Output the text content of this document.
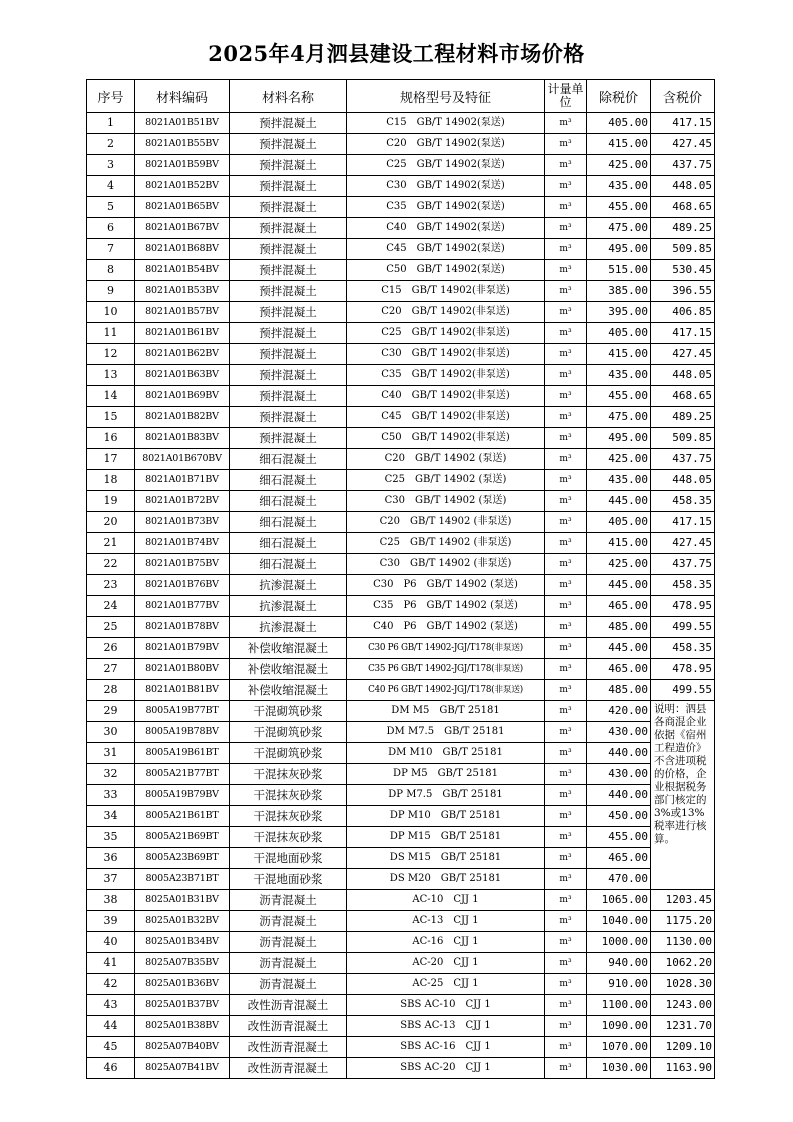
2025年4月泗县建设工程材料市场价格
序号	材料编码	材料名称	规格型号及特征	计量单位	除税价	含税价
1	8021A01B51BV	预拌混凝土	C15　GB/T 14902(泵送)	m³	405.00	417.15
2	8021A01B55BV	预拌混凝土	C20　GB/T 14902(泵送)	m³	415.00	427.45
3	8021A01B59BV	预拌混凝土	C25　GB/T 14902(泵送)	m³	425.00	437.75
4	8021A01B52BV	预拌混凝土	C30　GB/T 14902(泵送)	m³	435.00	448.05
5	8021A01B65BV	预拌混凝土	C35　GB/T 14902(泵送)	m³	455.00	468.65
6	8021A01B67BV	预拌混凝土	C40　GB/T 14902(泵送)	m³	475.00	489.25
7	8021A01B68BV	预拌混凝土	C45　GB/T 14902(泵送)	m³	495.00	509.85
8	8021A01B54BV	预拌混凝土	C50　GB/T 14902(泵送)	m³	515.00	530.45
9	8021A01B53BV	预拌混凝土	C15　GB/T 14902(非泵送)	m³	385.00	396.55
10	8021A01B57BV	预拌混凝土	C20　GB/T 14902(非泵送)	m³	395.00	406.85
11	8021A01B61BV	预拌混凝土	C25　GB/T 14902(非泵送)	m³	405.00	417.15
12	8021A01B62BV	预拌混凝土	C30　GB/T 14902(非泵送)	m³	415.00	427.45
13	8021A01B63BV	预拌混凝土	C35　GB/T 14902(非泵送)	m³	435.00	448.05
14	8021A01B69BV	预拌混凝土	C40　GB/T 14902(非泵送)	m³	455.00	468.65
15	8021A01B82BV	预拌混凝土	C45　GB/T 14902(非泵送)	m³	475.00	489.25
16	8021A01B83BV	预拌混凝土	C50　GB/T 14902(非泵送)	m³	495.00	509.85
17	8021A01B670BV	细石混凝土	C20　GB/T 14902 (泵送)	m³	425.00	437.75
18	8021A01B71BV	细石混凝土	C25　GB/T 14902 (泵送)	m³	435.00	448.05
19	8021A01B72BV	细石混凝土	C30　GB/T 14902 (泵送)	m³	445.00	458.35
20	8021A01B73BV	细石混凝土	C20　GB/T 14902 (非泵送)	m³	405.00	417.15
21	8021A01B74BV	细石混凝土	C25　GB/T 14902 (非泵送)	m³	415.00	427.45
22	8021A01B75BV	细石混凝土	C30　GB/T 14902 (非泵送)	m³	425.00	437.75
23	8021A01B76BV	抗渗混凝土	C30　P6　GB/T 14902 (泵送)	m³	445.00	458.35
24	8021A01B77BV	抗渗混凝土	C35　P6　GB/T 14902 (泵送)	m³	465.00	478.95
25	8021A01B78BV	抗渗混凝土	C40　P6　GB/T 14902 (泵送)	m³	485.00	499.55
26	8021A01B79BV	补偿收缩混凝土	C30 P6 GB/T 14902-JGJ/T178(非泵送)	m³	445.00	458.35
27	8021A01B80BV	补偿收缩混凝土	C35 P6 GB/T 14902-JGJ/T178(非泵送)	m³	465.00	478.95
28	8021A01B81BV	补偿收缩混凝土	C40 P6 GB/T 14902-JGJ/T178(非泵送)	m³	485.00	499.55
29	8005A19B77BT	干混砌筑砂浆	DM M5　GB/T 25181	m³	420.00	说明：泗县各商混企业依据《宿州工程造价》不含进项税的价格，企业根据税务部门核定的3%或13%税率进行核算。
30	8005A19B78BV	干混砌筑砂浆	DM M7.5　GB/T 25181	m³	430.00	
31	8005A19B61BT	干混砌筑砂浆	DM M10　GB/T 25181	m³	440.00	
32	8005A21B77BT	干混抹灰砂浆	DP M5　GB/T 25181	m³	430.00	
33	8005A19B79BV	干混抹灰砂浆	DP M7.5　GB/T 25181	m³	440.00	
34	8005A21B61BT	干混抹灰砂浆	DP M10　GB/T 25181	m³	450.00	
35	8005A21B69BT	干混抹灰砂浆	DP M15　GB/T 25181	m³	455.00	
36	8005A23B69BT	干混地面砂浆	DS M15　GB/T 25181	m³	465.00	
37	8005A23B71BT	干混地面砂浆	DS M20　GB/T 25181	m³	470.00	
38	8025A01B31BV	沥青混凝土	AC-10　CJJ 1	m³	1065.00	1203.45
39	8025A01B32BV	沥青混凝土	AC-13　CJJ 1	m³	1040.00	1175.20
40	8025A01B34BV	沥青混凝土	AC-16　CJJ 1	m³	1000.00	1130.00
41	8025A07B35BV	沥青混凝土	AC-20　CJJ 1	m³	940.00	1062.20
42	8025A01B36BV	沥青混凝土	AC-25　CJJ 1	m³	910.00	1028.30
43	8025A01B37BV	改性沥青混凝土	SBS AC-10　CJJ 1	m³	1100.00	1243.00
44	8025A01B38BV	改性沥青混凝土	SBS AC-13　CJJ 1	m³	1090.00	1231.70
45	8025A07B40BV	改性沥青混凝土	SBS AC-16　CJJ 1	m³	1070.00	1209.10
46	8025A07B41BV	改性沥青混凝土	SBS AC-20　CJJ 1	m³	1030.00	1163.90
